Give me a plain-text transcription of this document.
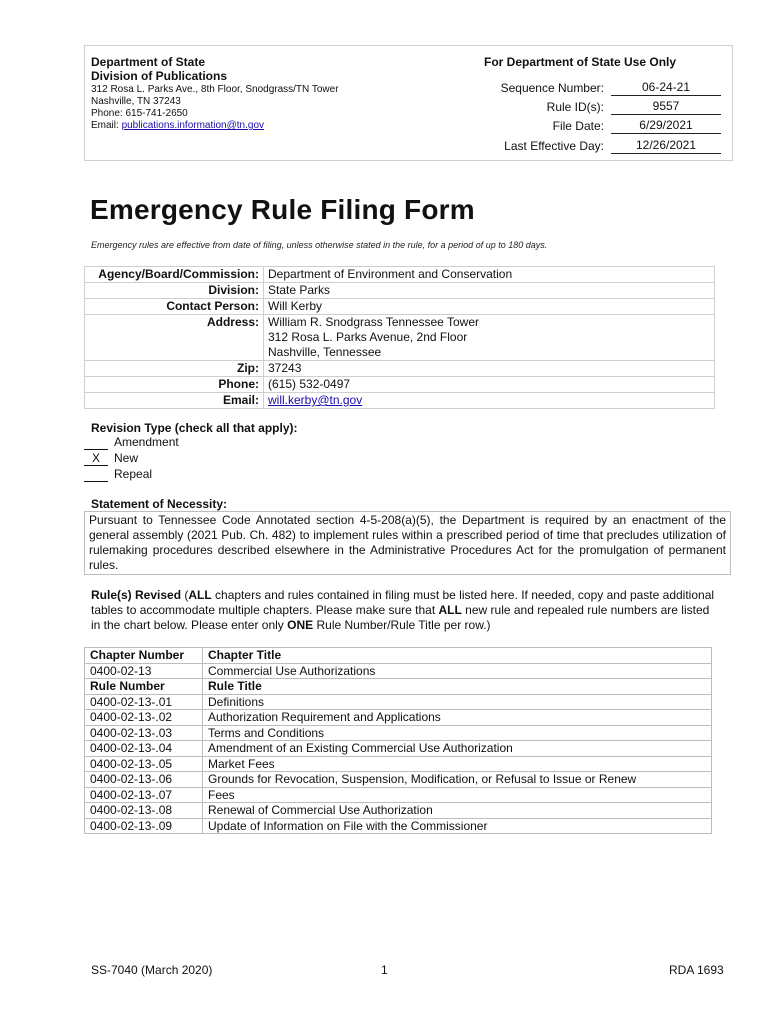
Department of State
Division of Publications
312 Rosa L. Parks Ave., 8th Floor, Snodgrass/TN Tower
Nashville, TN 37243
Phone: 615-741-2650
Email: publications.information@tn.gov
For Department of State Use Only
Sequence Number:	06-24-21
Rule ID(s):	9557
File Date:	6/29/2021
Last Effective Day:	12/26/2021
Emergency Rule Filing Form
Emergency rules are effective from date of filing, unless otherwise stated in the rule, for a period of up to 180 days.
Agency/Board/Commission:	Department of Environment and Conservation
Division:	State Parks
Contact Person:	Will Kerby
Address:	William R. Snodgrass Tennessee Tower
312 Rosa L. Parks Avenue, 2nd Floor
Nashville, Tennessee

Zip:	37243
Phone:	(615) 532-0497
Email:	will.kerby@tn.gov
Revision Type (check all that apply):
Amendment
X New
Repeal
Statement of Necessity:
Pursuant to Tennessee Code Annotated section 4-5-208(a)(5), the Department is required by an enactment of the general assembly (2021 Pub. Ch. 482) to implement rules within a prescribed period of time that precludes utilization of rulemaking procedures described elsewhere in the Administrative Procedures Act for the promulgation of permanent rules.
Rule(s) Revised (ALL chapters and rules contained in filing must be listed here. If needed, copy and paste additional tables to accommodate multiple chapters. Please make sure that ALL new rule and repealed rule numbers are listed in the chart below. Please enter only ONE Rule Number/Rule Title per row.)
Chapter Number	Chapter Title
0400-02-13	Commercial Use Authorizations
Rule Number	Rule Title
0400-02-13-.01	Definitions
0400-02-13-.02	Authorization Requirement and Applications
0400-02-13-.03	Terms and Conditions
0400-02-13-.04	Amendment of an Existing Commercial Use Authorization
0400-02-13-.05	Market Fees
0400-02-13-.06	Grounds for Revocation, Suspension, Modification, or Refusal to Issue or Renew
0400-02-13-.07	Fees
0400-02-13-.08	Renewal of Commercial Use Authorization
0400-02-13-.09	Update of Information on File with the Commissioner
SS-7040 (March 2020)	1	RDA 1693
